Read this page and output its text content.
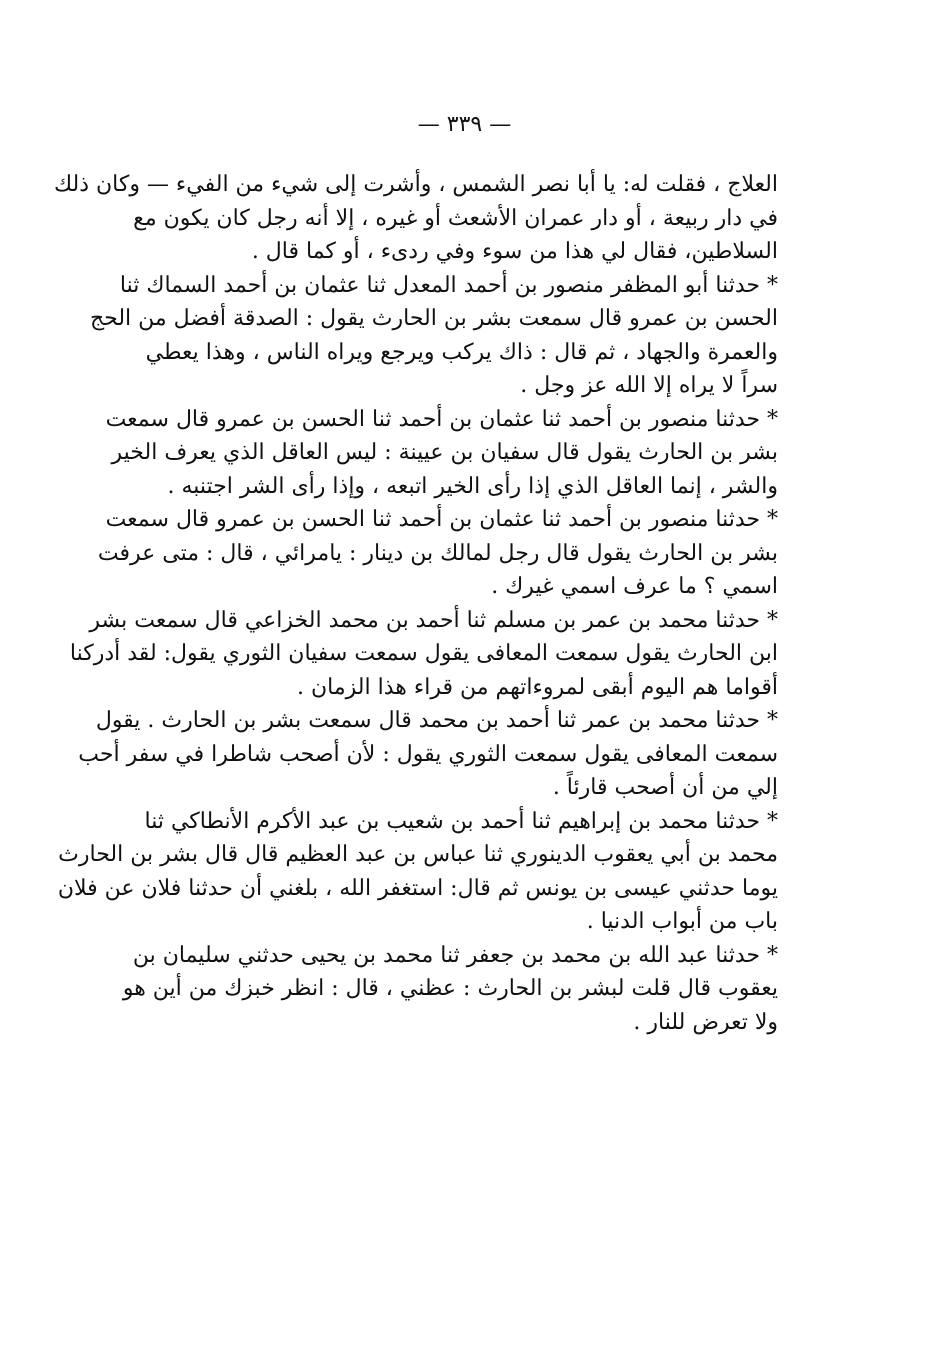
— ٣٣٩ —

العلاج ، فقلت له: يا أبا نصر الشمس ، وأشرت إلى شيء من الفيء — وكان ذلك
في دار ربيعة ، أو دار عمران الأشعث أو غيره ، إلا أنه رجل كان يكون مع
السلاطين، فقال لي هذا من سوء وفي ردىء ، أو كما قال .

* حدثنا أبو المظفر منصور بن أحمد المعدل ثنا عثمان بن أحمد السماك ثنا
الحسن بن عمرو قال سمعت بشر بن الحارث يقول : الصدقة أفضل من الحج
والعمرة والجهاد ، ثم قال : ذاك يركب ويرجع ويراه الناس ، وهذا يعطي
سراً لا يراه إلا الله عز وجل .

* حدثنا منصور بن أحمد ثنا عثمان بن أحمد ثنا الحسن بن عمرو قال سمعت
بشر بن الحارث يقول قال سفيان بن عيينة : ليس العاقل الذي يعرف الخير
والشر ، إنما العاقل الذي إذا رأى الخير اتبعه ، وإذا رأى الشر اجتنبه .

* حدثنا منصور بن أحمد ثنا عثمان بن أحمد ثنا الحسن بن عمرو قال سمعت
بشر بن الحارث يقول قال رجل لمالك بن دينار : يامرائي ، قال : متى عرفت
اسمي ؟ ما عرف اسمي غيرك .

* حدثنا محمد بن عمر بن مسلم ثنا أحمد بن محمد الخزاعي قال سمعت بشر
ابن الحارث يقول سمعت المعافى يقول سمعت سفيان الثوري يقول: لقد أدركنا
أقواما هم اليوم أبقى لمروءاتهم من قراء هذا الزمان .

* حدثنا محمد بن عمر ثنا أحمد بن محمد قال سمعت بشر بن الحارث . يقول
سمعت المعافى يقول سمعت الثوري يقول : لأن أصحب شاطرا في سفر أحب
إلي من أن أصحب قارئاً .

* حدثنا محمد بن إبراهيم ثنا أحمد بن شعيب بن عبد الأكرم الأنطاكي ثنا
محمد بن أبي يعقوب الدينوري ثنا عباس بن عبد العظيم قال قال بشر بن الحارث
يوما حدثني عيسى بن يونس ثم قال: استغفر الله ، بلغني أن حدثنا فلان عن فلان
باب من أبواب الدنيا .

* حدثنا عبد الله بن محمد بن جعفر ثنا محمد بن يحيى حدثني سليمان بن
يعقوب قال قلت لبشر بن الحارث : عظني ، قال : انظر خبزك من أين هو
ولا تعرض للنار .
